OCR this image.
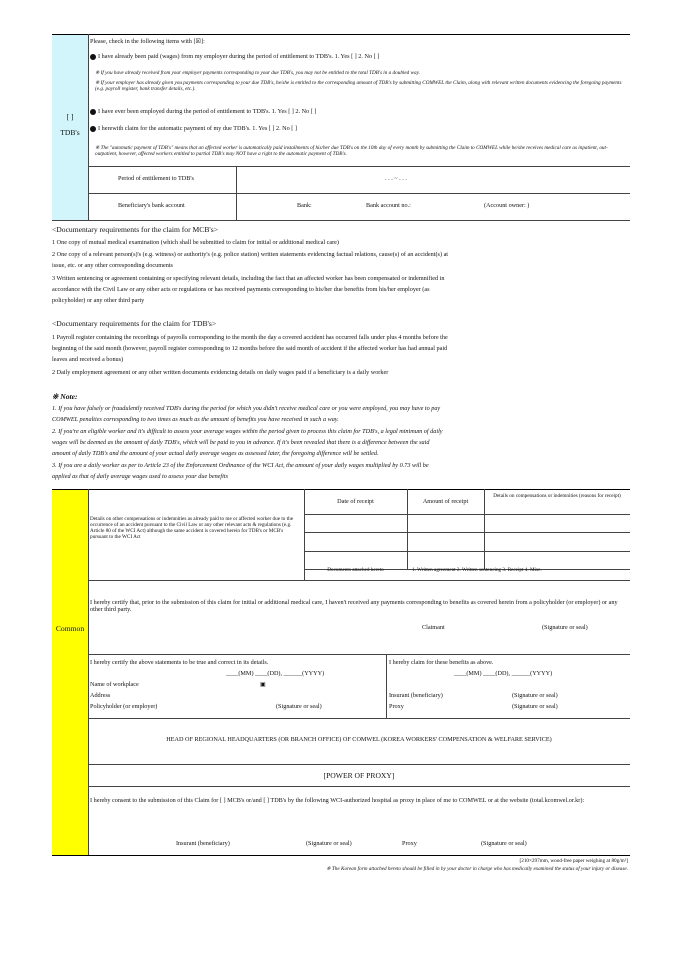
[ ]
TDB's
Please, check in the following items with [☒]:
I have already been paid (wages) from my employer during the period of entitlement to TDB's. 1. Yes [ ] 2. No [ ]
※ If you have already received from your employer payments corresponding to your due TDB's, you may not be entitled to the total TDB's in a doubled way.
※ If your employer has already given you payments corresponding to your due TDB's, he/she is entitled to the corresponding amount of TDB's by submitting COMWEL the Claim, along with relevant written documents evidencing the foregoing payments (e.g. payroll register, bank transfer details, etc.).
I have ever been employed during the period of entitlement to TDB's. 1. Yes [ ] 2. No [ ]
I herewith claim for the automatic payment of my due TDB's. 1. Yes [ ] 2. No [ ]
※ The "automatic payment of TDB's" means that an affected worker is automatically paid installments of his/her due TDB's on the 10th day of every month by submitting the Claim to COMWEL while he/she receives medical care as inpatient, out-outpatient, however, affected workers entitled to partial TDB's may NOT have a right to the automatic payment of TDB's.
Period of entitlement to TDB's	. . . ~ . . .
Beneficiary's bank account	Bank:	Bank account no.:	(Account owner: )
<Documentary requirements for the claim for MCB's>
1 One copy of mutual medical examination (which shall be submitted to claim for initial or additional medical care)
2 One copy of a relevant person(s)'s (e.g. witness) or authority's (e.g. police station) written statements evidencing factual relations, cause(s) of an accident(s) at
issue, etc. or any other corresponding documents
3 Written sentencing or agreement containing or specifying relevant details, including the fact that an affected worker has been compensated or indemnified in
accordance with the Civil Law or any other acts or regulations or has received payments corresponding to his/her due benefits from his/her employer (as
policyholder) or any other third party
<Documentary requirements for the claim for TDB's>
1 Payroll register containing the recordings of payrolls corresponding to the month the day a covered accident has occurred falls under plus 4 months before the
beginning of the said month (however, payroll register corresponding to 12 months before the said month of accident if the affected worker has had annual paid
leaves and received a bonus)
2 Daily employment agreement or any other written documents evidencing details on daily wages paid if a beneficiary is a daily worker
※ Note:
1. If you have falsely or fraudulently received TDB's during the period for which you didn't receive medical care or you were employed, you may have to pay
COMWEL penalties corresponding to two times as much as the amount of benefits you have received in such a way.
2. If you're an eligible worker and it's difficult to assess your average wages within the period given to process this claim for TDB's, a legal minimum of daily
wages will be deemed as the amount of daily TDB's, which will be paid to you in advance. If it's been revealed that there is a difference between the said
amount of daily TDB's and the amount of your actual daily average wages as assessed later, the foregoing difference will be settled.
3. If you are a daily worker as per to Article 23 of the Enforcement Ordinance of the WCI Act, the amount of your daily wages multiplied by 0.73 will be
applied as that of daily average wages used to assess your due benefits
Common
Details on other compensations or indemnities as already paid to me or affected worker due to the occurrence of an accident pursuant to the Civil Law or any other relevant acts & regulations (e.g. Article 80 of the WCI Act) although the same accident is covered herein for TDB's or MCB's pursuant to the WCI Act
Date of receipt	Amount of receipt
Details on compensations or indemnities (reasons for receipt)
Documents attached hereto	1. Written agreement 2. Written sentencing 3. Receipt 4. Misc.
I hereby certify that, prior to the submission of this claim for initial or additional medical care, I haven't received any payments corresponding to benefits as covered herein from a policyholder (or employer) or any other third party.
Claimant	(Signature or seal)
I hereby certify the above statements to be true and correct in its details.
____(MM) ____(DD), ______(YYYY)
Name of workplace	▣
Address
Policyholder (or employer)	(Signature or seal)
I hereby claim for these benefits as above.
____(MM) ____(DD), ______(YYYY)
Insurant (beneficiary)	(Signature or seal)
Proxy	(Signature or seal)
HEAD OF REGIONAL HEADQUARTERS (OR BRANCH OFFICE) OF COMWEL (KOREA WORKERS' COMPENSATION & WELFARE SERVICE)
[POWER OF PROXY]
I hereby consent to the submission of this Claim for [ ] MCB's or/and [ ] TDB's by the following WCI-authorized hospital as proxy in place of me to COMWEL or at the website (total.kcomwel.or.kr):
Insurant (beneficiary)	(Signature or seal)	Proxy	(Signature or seal)
[210×297mm, wood-free paper weighing at 80g/m²]
※ The Korean form attached hereto should be filled in by your doctor in charge who has medically examined the status of your injury or disease.
